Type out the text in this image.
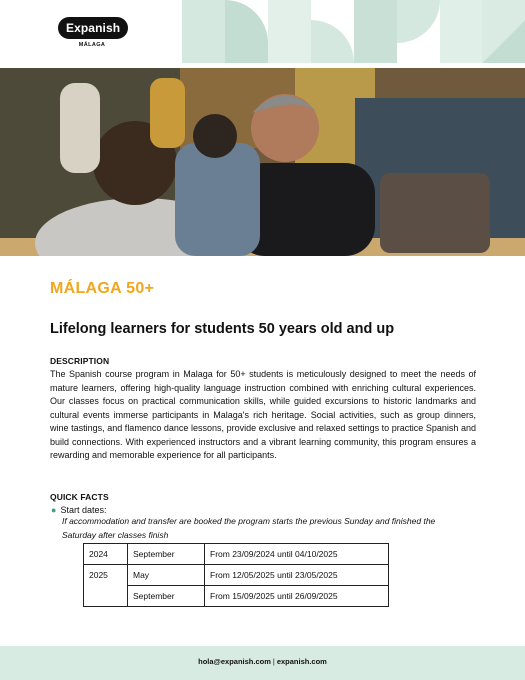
Expanish
MÁLAGA
MÁLAGA 50+
Lifelong learners for students 50 years old and up
DESCRIPTION
The Spanish course program in Malaga for 50+ students is meticulously designed to meet the needs of mature learners, offering high-quality language instruction combined with enriching cultural experiences. Our classes focus on practical communication skills, while guided excursions to historic landmarks and cultural events immerse participants in Malaga's rich heritage. Social activities, such as group dinners, wine tastings, and flamenco dance lessons, provide exclusive and relaxed settings to practice Spanish and build connections. With experienced instructors and a vibrant learning community, this program ensures a rewarding and memorable experience for all participants.
QUICK FACTS
● Start dates:
If accommodation and transfer are booked the program starts the previous Sunday and finished the Saturday after classes finish
2024	September	From 23/09/2024 until 04/10/2025
2025	May	From 12/05/2025 until 23/05/2025
	September	From 15/09/2025 until 26/09/2025
hola@expanish.com | expanish.com
